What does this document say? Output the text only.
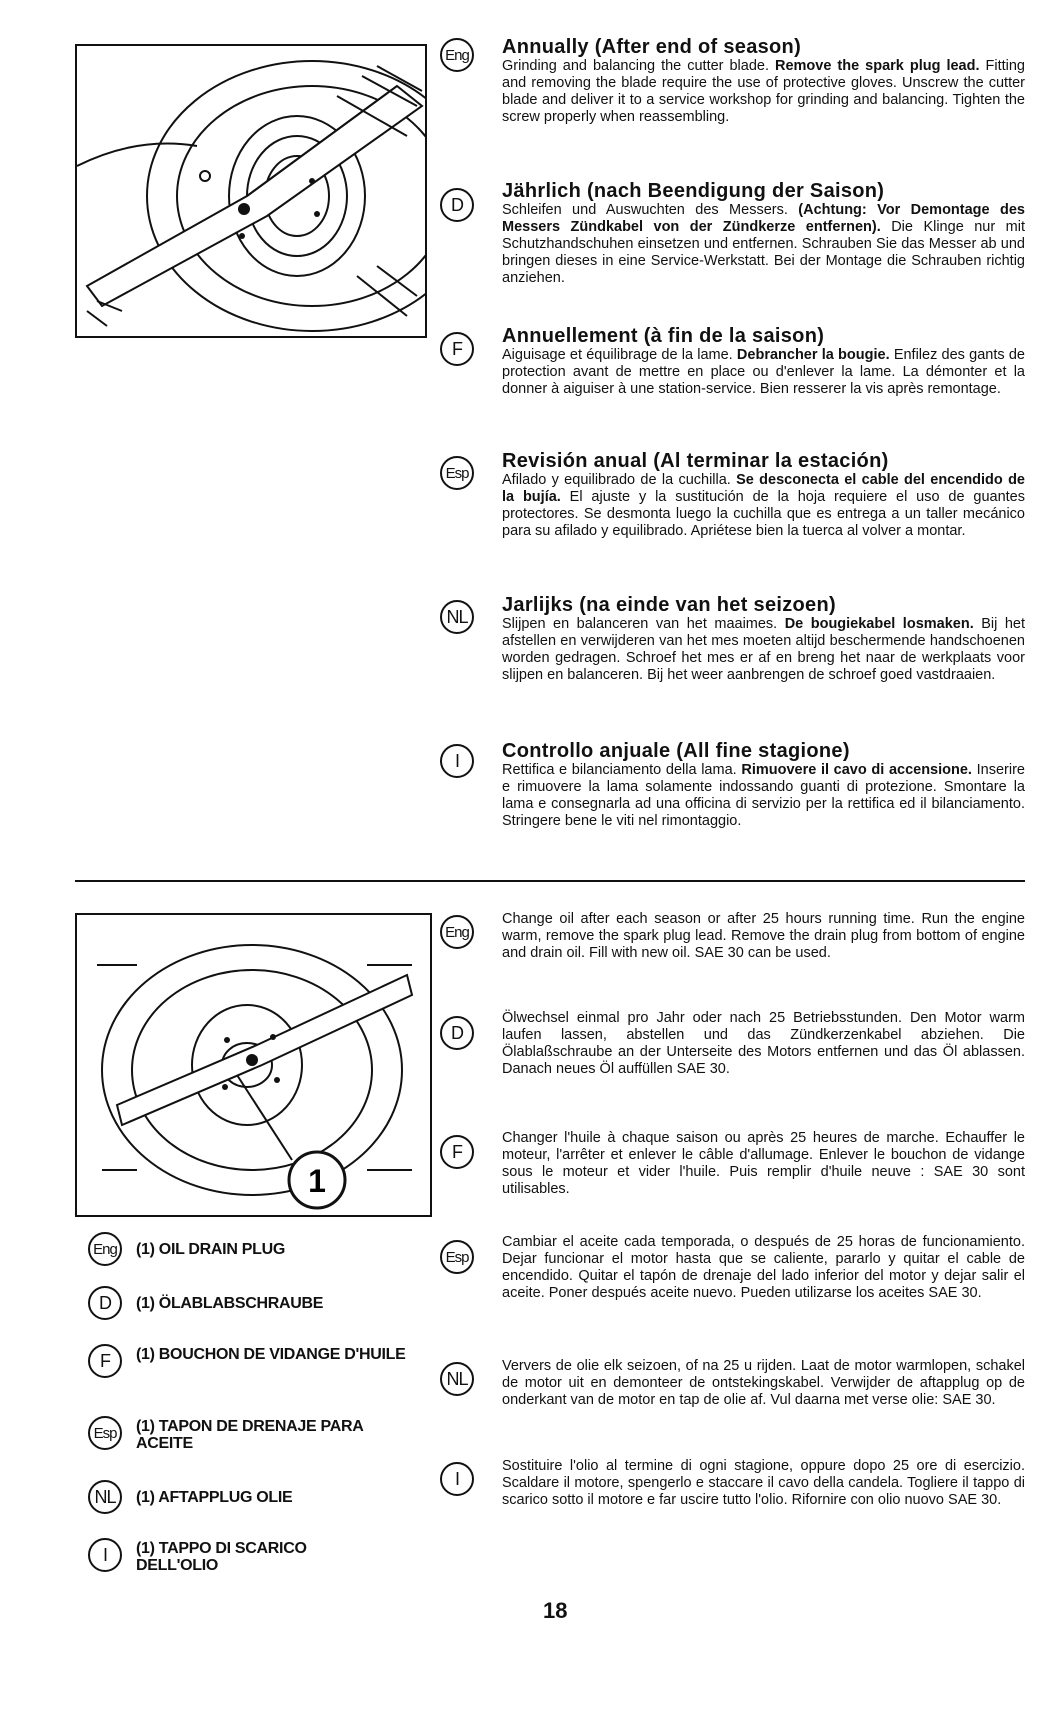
Eng Annually (After end of season)

Grinding and balancing the cutter blade. Remove the spark plug lead. Fitting and removing the blade require the use of protective gloves. Unscrew the cutter blade and deliver it to a service workshop for grinding and balancing. Tighten the screw properly when reassembling.

D
Jährlich (nach Beendigung der Saison)

Schleifen und Auswuchten des Messers. (Achtung: Vor Demontage des Messers Zündkabel von der Zündkerze entfernen). Die Klinge nur mit Schutzhandschuhen einsetzen und entfernen. Schrauben Sie das Messer ab und bringen dieses in eine Service-Werkstatt. Bei der Montage die Schrauben richtig anziehen.

F
Annuellement (à fin de la saison)

Aiguisage et équilibrage de la lame. Debrancher la bougie. Enfilez des gants de protection avant de mettre en place ou d'enlever la lame. La démonter et la donner à aiguiser à une station-service. Bien resserer la vis après remontage.

Esp
Revisión anual (Al terminar la estación)

Afilado y equilibrado de la cuchilla. Se desconecta el cable del encendido de la bujía. El ajuste y la sustitución de la hoja requiere el uso de guantes protectores. Se desmonta luego la cuchilla que es entrega a un taller mecánico para su afilado y equilibrado. Apriétese bien la tuerca al volver a montar.

NL
Jarlijks (na einde van het seizoen)

Slijpen en balanceren van het maaimes. De bougiekabel losmaken. Bij het afstellen en verwijderen van het mes moeten altijd beschermende handschoenen worden gedragen. Schroef het mes er af en breng het naar de werkplaats voor slijpen en balanceren. Bij het weer aanbrengen de schroef goed vastdraaien.

I	Controllo anjuale (All fine stagione)

Rettifica e bilanciamento della lama. Rimuovere il cavo di accensione. Inserire e rimuovere la lama solamente indossando guanti di protezione. Smontare la lama e consegnarla ad una officina di servizio per la rettifica ed il bilanciamento. Stringere bene le viti nel rimontaggio.

1
Eng

Change oil after each season or after 25 hours running time. Run the engine warm, remove the spark plug lead. Remove the drain plug from bottom of engine and drain oil. Fill with new oil. SAE 30 can be used.

D

Ölwechsel einmal pro Jahr oder nach 25 Betriebsstunden. Den Motor warm laufen lassen, abstellen und das Zündkerzenkabel abziehen. Die Ölablaßschraube an der Unterseite des Motors entfernen und das Öl ablassen. Danach neues Öl auffüllen SAE 30.

F

Changer l'huile à chaque saison ou après 25 heures de marche. Echauffer le moteur, l'arrêter et enlever le câble d'allumage. Enlever le bouchon de vidange sous le moteur et vider l'huile. Puis remplir d'huile neuve : SAE 30 sont utilisables.

Esp

Cambiar el aceite cada temporada, o después de 25 horas de funcionamiento. Dejar funcionar el motor hasta que se caliente, pararlo y quitar el cable de encendido. Quitar el tapón de drenaje del lado inferior del motor y dejar salir el aceite. Poner después aceite nuevo. Pueden utilizarse los aceites SAE 30.

NL

Ververs de olie elk seizoen, of na 25 u rijden. Laat de motor warmlopen, schakel de motor uit en demonteer de ontstekingskabel. Verwijder de aftapplug op de onderkant van de motor en tap de olie af. Vul daarna met verse olie: SAE 30.

I

Sostituire l'olio al termine di ogni stagione, oppure dopo 25 ore di esercizio. Scaldare il motore, spengerlo e staccare il cavo della candela. Togliere il tappo di scarico sotto il motore e far uscire tutto l'olio. Rifornire con olio nuovo SAE 30.

Eng	(1) OIL DRAIN PLUG
D	(1) ÖLABLABSCHRAUBE
F	(1) BOUCHON DE VIDANGE D'HUILE
Esp	(1) TAPON DE DRENAJE PARA ACEITE
NL	(1) AFTAPPLUG OLIE
I	(1) TAPPO DI SCARICO DELL'OLIO
18
